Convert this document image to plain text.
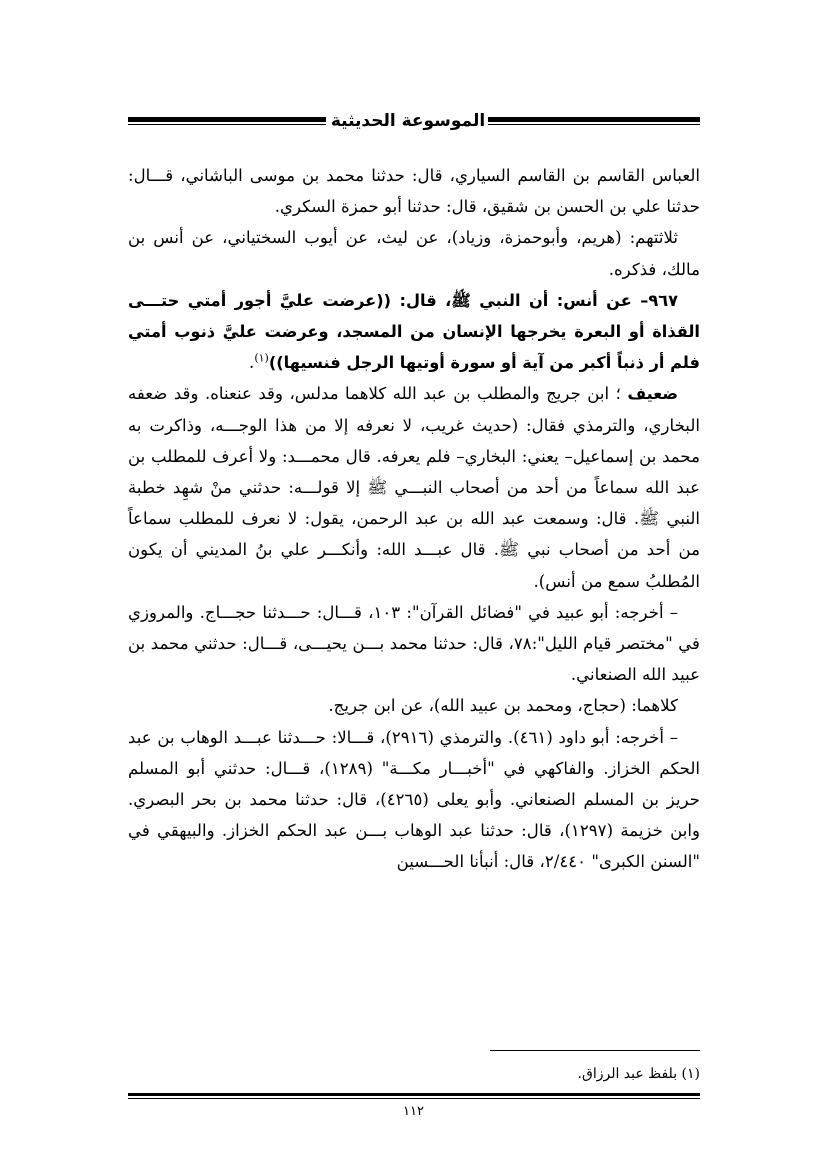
الموسوعة الحديثية

العباس القاسم بن القاسم السياري، قال: حدثنا محمد بن موسى الباشاني، قـــال: حدثنا علي بن الحسن بن شقيق، قال: حدثنا أبو حمزة السكري.

ثلاثتهم: (هريم، وأبوحمزة، وزياد)، عن ليث، عن أيوب السختياني، عن أنس بن مالك، فذكره.

٩٦٧– عن أنس: أن النبي ﷺ، قال: ((عرضت عليَّ أجور أمتي حتـــى القذاة أو البعرة يخرجها الإنسان من المسجد، وعرضت عليَّ ذنوب أمتي فلم أر ذنباً أكبر من آية أو سورة أوتيها الرجل فنسيها))$^{(١)}$.

ضعيف ؛ ابن جريج والمطلب بن عبد الله كلاهما مدلس، وقد عنعناه. وقد ضعفه البخاري، والترمذي فقال: (حديث غريب، لا نعرفه إلا من هذا الوجـــه، وذاكرت به محمد بن إسماعيل– يعني: البخاري– فلم يعرفه. قال محمـــد: ولا أعرف للمطلب بن عبد الله سماعاً من أحد من أصحاب النبـــي ﷺ إلا قولـــه: حدثني منْ شهِد خطبة النبي ﷺ. قال: وسمعت عبد الله بن عبد الرحمن، يقول: لا نعرف للمطلب سماعاً من أحد من أصحاب نبي ﷺ. قال عبـــد الله: وأنكـــر علي بنُ المديني أن يكون المُطلبُ سمع من أنس).

– أخرجه: أبو عبيد في "فضائل القرآن": ١٠٣، قـــال: حـــدثنا حجـــاج. والمروزي في "مختصر قيام الليل":٧٨، قال: حدثنا محمد بـــن يحيـــى، قـــال: حدثني محمد بن عبيد الله الصنعاني.

كلاهما: (حجاج، ومحمد بن عبيد الله)، عن ابن جريج.

– أخرجه: أبو داود (٤٦١). والترمذي (٢٩١٦)، قـــالا: حـــدثنا عبـــد الوهاب بن عبد الحكم الخزاز. والفاكهي في "أخبـــار مكـــة" (١٢٨٩)، قـــال: حدثني أبو المسلم حريز بن المسلم الصنعاني. وأبو يعلى (٤٢٦٥)، قال: حدثنا محمد بن بحر البصري. وابن خزيمة (١٢٩٧)، قال: حدثنا عبد الوهاب بـــن عبد الحكم الخزاز. والبيهقي في "السنن الكبرى" ٢/٤٤٠، قال: أنبأنا الحـــسين

(١) بلفظ عبد الرزاق.
١١٢
